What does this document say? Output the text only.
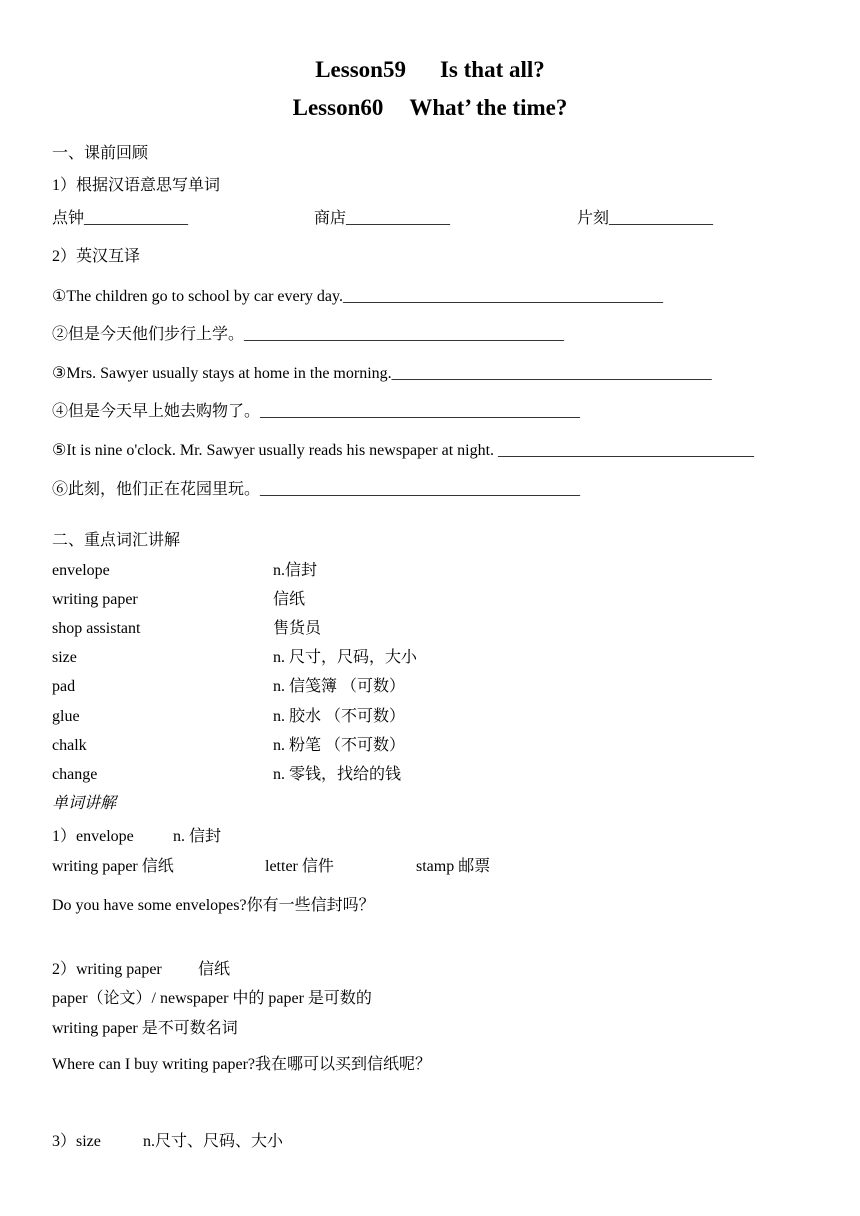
Lesson59 Is that all?
Lesson60 What’ the time?
一、课前回顾
1）根据汉语意思写单词
点钟_____________	商店_____________	片刻_____________
2）英汉互译
①The children go to school by car every day.________________________________________
②但是今天他们步行上学。________________________________________
③Mrs. Sawyer usually stays at home in the morning.________________________________________
④但是今天早上她去购物了。________________________________________
⑤It is nine o'clock. Mr. Sawyer usually reads his newspaper at night. ________________________________
⑥此刻，他们正在花园里玩。________________________________________
二、重点词汇讲解
envelope	n.信封
writing paper	信纸
shop assistant	售货员
size	n. 尺寸，尺码，大小
pad	n. 信笺簿 （可数）
glue	n. 胶水 （不可数）
chalk	n. 粉笔 （不可数）
change	n. 零钱，找给的钱
单词讲解
1）envelope n. 信封
writing paper 信纸	letter 信件	stamp 邮票
Do you have some envelopes?你有一些信封吗？
2）writing paper 信纸
paper（论文）/ newspaper 中的 paper 是可数的
writing paper 是不可数名词
Where can I buy writing paper?我在哪可以买到信纸呢？
3）size	n.尺寸、尺码、大小
